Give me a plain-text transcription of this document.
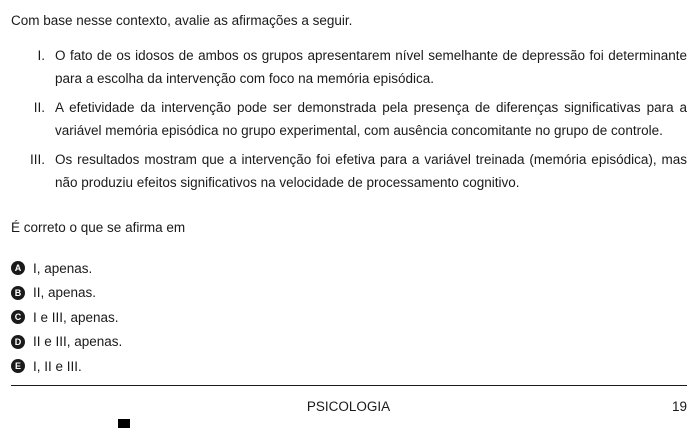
Com base nesse contexto, avalie as afirmações a seguir.

I. O fato de os idosos de ambos os grupos apresentarem nível semelhante de depressão foi determinante para a escolha da intervenção com foco na memória episódica.
II. A efetividade da intervenção pode ser demonstrada pela presença de diferenças significativas para a variável memória episódica no grupo experimental, com ausência concomitante no grupo de controle.
III. Os resultados mostram que a intervenção foi efetiva para a variável treinada (memória episódica), mas não produziu efeitos significativos na velocidade de processamento cognitivo.

É correto o que se afirma em

A I, apenas.
B II, apenas.
C I e III, apenas.
D II e III, apenas.
E I, II e III.
PSICOLOGIA	19
